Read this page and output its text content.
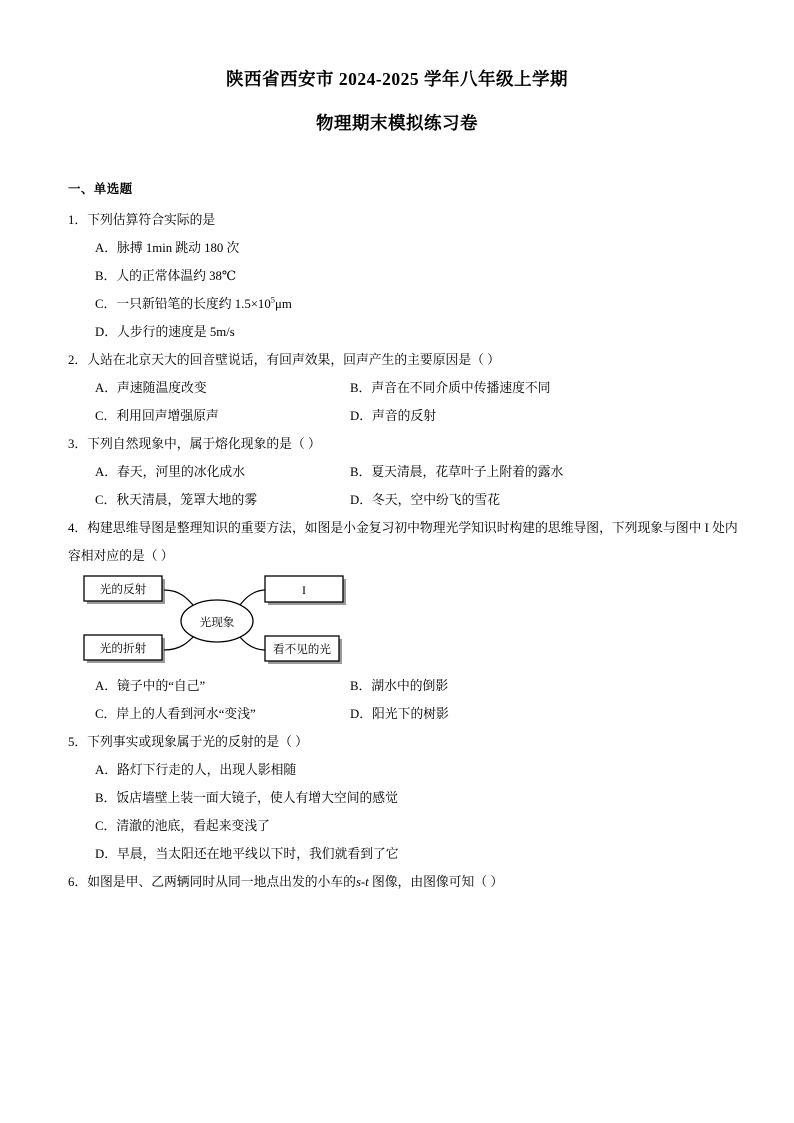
陕西省西安市 2024-2025 学年八年级上学期
物理期末模拟练习卷
一、单选题
1．下列估算符合实际的是
A．脉搏 1min 跳动 180 次
B．人的正常体温约 38℃
C．一只新铅笔的长度约 $1.5\times 10^5\mu m$
D．人步行的速度是 5m/s
2．人站在北京天大的回音壁说话，有回声效果，回声产生的主要原因是（ ）
A．声速随温度改变	B．声音在不同介质中传播速度不同
C．利用回声增强原声	D．声音的反射
3．下列自然现象中，属于熔化现象的是（ ）
A．春天，河里的冰化成水	B．夏天清晨，花草叶子上附着的露水
C．秋天清晨，笼罩大地的雾	D．冬天，空中纷飞的雪花
4．构建思维导图是整理知识的重要方法，如图是小金复习初中物理光学知识时构建的思维导图，下列现象与图中 I 处内容相对应的是（ ）
光现象
光的反射
光的折射
I
看不见的光
A．镜子中的“自己”	B．湖水中的倒影
C．岸上的人看到河水“变浅”	D．阳光下的树影
5．下列事实或现象属于光的反射的是（ ）
A．路灯下行走的人，出现人影相随
B．饭店墙壁上装一面大镜子，使人有增大空间的感觉
C．清澈的池底，看起来变浅了
D．早晨，当太阳还在地平线以下时，我们就看到了它
6．如图是甲、乙两辆同时从同一地点出发的小车的s-t 图像，由图像可知（ ）
